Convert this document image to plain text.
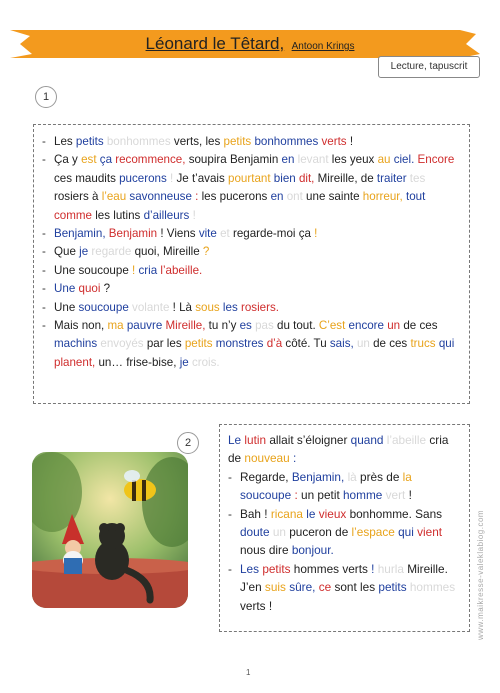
Léonard le Têtard, Antoon Krings
Lecture, tapuscrit
1
- Les petits bonhommes verts, les petits bonhommes verts !
- Ça y est ça recommence, soupira Benjamin en levant les yeux au ciel. Encore ces maudits pucerons ! Je t’avais pourtant bien dit, Mireille, de traiter tes rosiers à l’eau savonneuse : les pucerons en ont une sainte horreur, tout comme les lutins d’ailleurs !
- Benjamin, Benjamin ! Viens vite et regarde-moi ça !
- Que je regarde quoi, Mireille ?
- Une soucoupe ! cria l’abeille.
- Une quoi ?
- Une soucoupe volante ! Là sous les rosiers.
- Mais non, ma pauvre Mireille, tu n’y es pas du tout. C’est encore un de ces machins envoyés par les petits monstres d’à côté. Tu sais, un de ces trucs qui planent, un… frise-bise, je crois.
2	Le lutin allait s’éloigner quand l’abeille cria de nouveau :
- Regarde, Benjamin, là près de la soucoupe : un petit homme vert !
- Bah ! ricana le vieux bonhomme. Sans doute un puceron de l’espace qui vient nous dire bonjour.
- Les petits hommes verts ! hurla Mireille. J’en suis sûre, ce sont les petits hommes verts !
1
www.maikresse-valeklabiog.com
